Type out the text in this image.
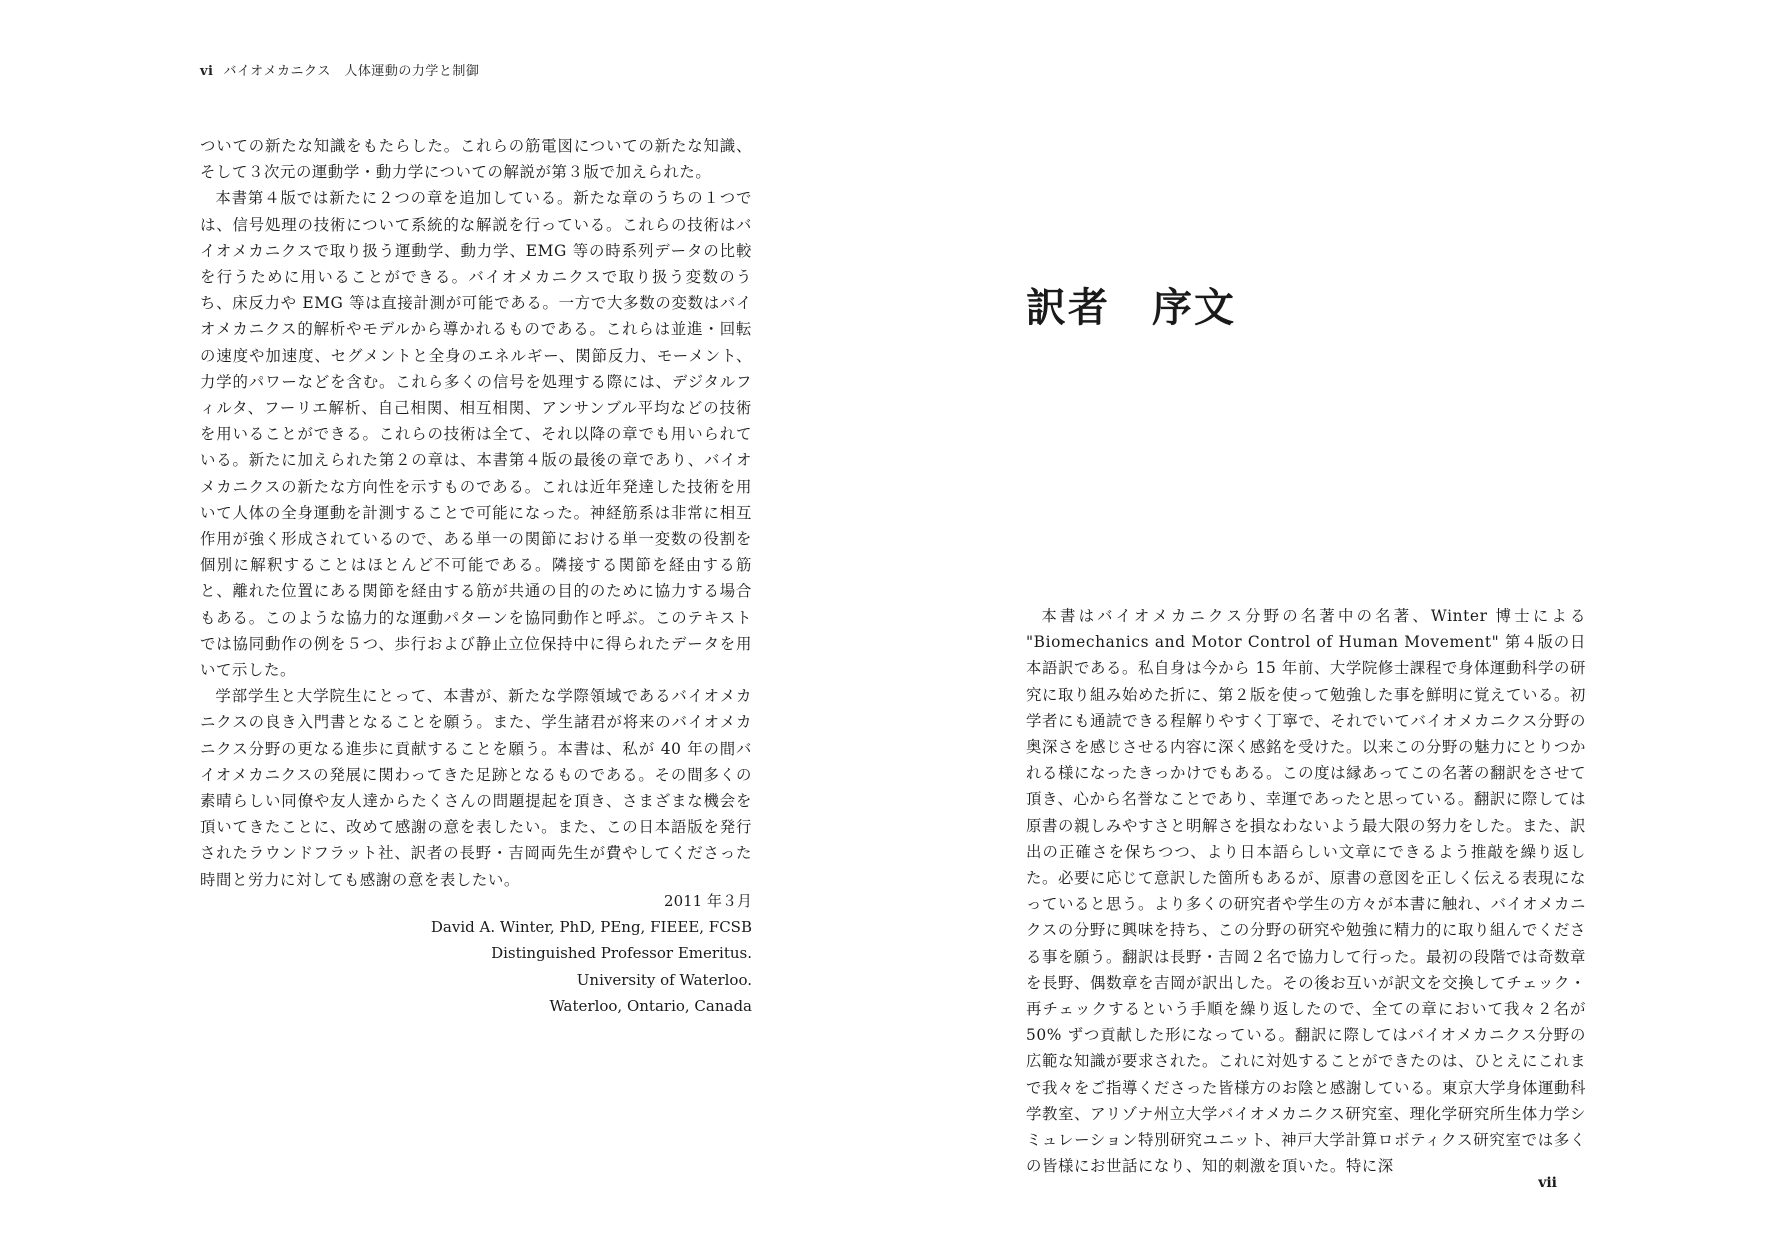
vi バイオメカニクス　人体運動の力学と制御

ついての新たな知識をもたらした。これらの筋電図についての新たな知識、そして３次元の運動学・動力学についての解説が第３版で加えられた。

本書第４版では新たに２つの章を追加している。新たな章のうちの１つでは、信号処理の技術について系統的な解説を行っている。これらの技術はバイオメカニクスで取り扱う運動学、動力学、EMG 等の時系列データの比較を行うために用いることができる。バイオメカニクスで取り扱う変数のうち、床反力や EMG 等は直接計測が可能である。一方で大多数の変数はバイオメカニクス的解析やモデルから導かれるものである。これらは並進・回転の速度や加速度、セグメントと全身のエネルギー、関節反力、モーメント、力学的パワーなどを含む。これら多くの信号を処理する際には、デジタルフィルタ、フーリエ解析、自己相関、相互相関、アンサンブル平均などの技術を用いることができる。これらの技術は全て、それ以降の章でも用いられている。新たに加えられた第２の章は、本書第４版の最後の章であり、バイオメカニクスの新たな方向性を示すものである。これは近年発達した技術を用いて人体の全身運動を計測することで可能になった。神経筋系は非常に相互作用が強く形成されているので、ある単一の関節における単一変数の役割を個別に解釈することはほとんど不可能である。隣接する関節を経由する筋と、離れた位置にある関節を経由する筋が共通の目的のために協力する場合もある。このような協力的な運動パターンを協同動作と呼ぶ。このテキストでは協同動作の例を５つ、歩行および静止立位保持中に得られたデータを用いて示した。

学部学生と大学院生にとって、本書が、新たな学際領域であるバイオメカニクスの良き入門書となることを願う。また、学生諸君が将来のバイオメカニクス分野の更なる進歩に貢献することを願う。本書は、私が 40 年の間バイオメカニクスの発展に関わってきた足跡となるものである。その間多くの素晴らしい同僚や友人達からたくさんの問題提起を頂き、さまざまな機会を頂いてきたことに、改めて感謝の意を表したい。また、この日本語版を発行されたラウンドフラット社、訳者の長野・吉岡両先生が費やしてくださった時間と労力に対しても感謝の意を表したい。

2011 年３月
David A. Winter, PhD, PEng, FIEEE, FCSB
Distinguished Professor Emeritus.
University of Waterloo.
Waterloo, Ontario, Canada
訳者　序文

本書はバイオメカニクス分野の名著中の名著、Winter 博士による "Biomechanics and Motor Control of Human Movement" 第４版の日本語訳である。私自身は今から 15 年前、大学院修士課程で身体運動科学の研究に取り組み始めた折に、第２版を使って勉強した事を鮮明に覚えている。初学者にも通読できる程解りやすく丁寧で、それでいてバイオメカニクス分野の奥深さを感じさせる内容に深く感銘を受けた。以来この分野の魅力にとりつかれる様になったきっかけでもある。この度は縁あってこの名著の翻訳をさせて頂き、心から名誉なことであり、幸運であったと思っている。翻訳に際しては原書の親しみやすさと明解さを損なわないよう最大限の努力をした。また、訳出の正確さを保ちつつ、より日本語らしい文章にできるよう推敲を繰り返した。必要に応じて意訳した箇所もあるが、原書の意図を正しく伝える表現になっていると思う。より多くの研究者や学生の方々が本書に触れ、バイオメカニクスの分野に興味を持ち、この分野の研究や勉強に精力的に取り組んでくださる事を願う。翻訳は長野・吉岡２名で協力して行った。最初の段階では奇数章を長野、偶数章を吉岡が訳出した。その後お互いが訳文を交換してチェック・再チェックするという手順を繰り返したので、全ての章において我々２名が 50% ずつ貢献した形になっている。翻訳に際してはバイオメカニクス分野の広範な知識が要求された。これに対処することができたのは、ひとえにこれまで我々をご指導くださった皆様方のお陰と感謝している。東京大学身体運動科学教室、アリゾナ州立大学バイオメカニクス研究室、理化学研究所生体力学シミュレーション特別研究ユニット、神戸大学計算ロボティクス研究室では多くの皆様にお世話になり、知的刺激を頂いた。特に深

vii
